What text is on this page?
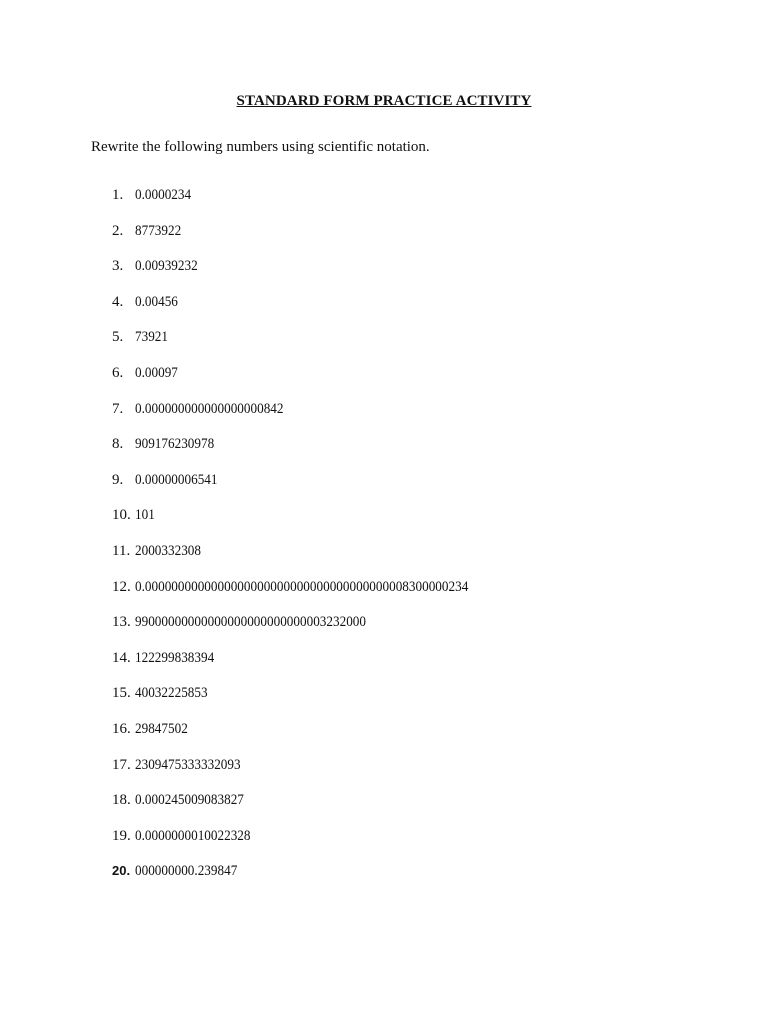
STANDARD FORM PRACTICE ACTIVITY
Rewrite the following numbers using scientific notation.
1. 0.0000234
2. 8773922
3. 0.00939232
4. 0.00456
5. 73921
6. 0.00097
7. 0.000000000000000000842
8. 909176230978
9. 0.00000006541
10. 101
11. 2000332308
12. 0.0000000000000000000000000000000000000008300000234
13. 99000000000000000000000000003232000
14. 122299838394
15. 40032225853
16. 29847502
17. 2309475333332093
18. 0.000245009083827
19. 0.0000000010022328
20. 000000000.239847
